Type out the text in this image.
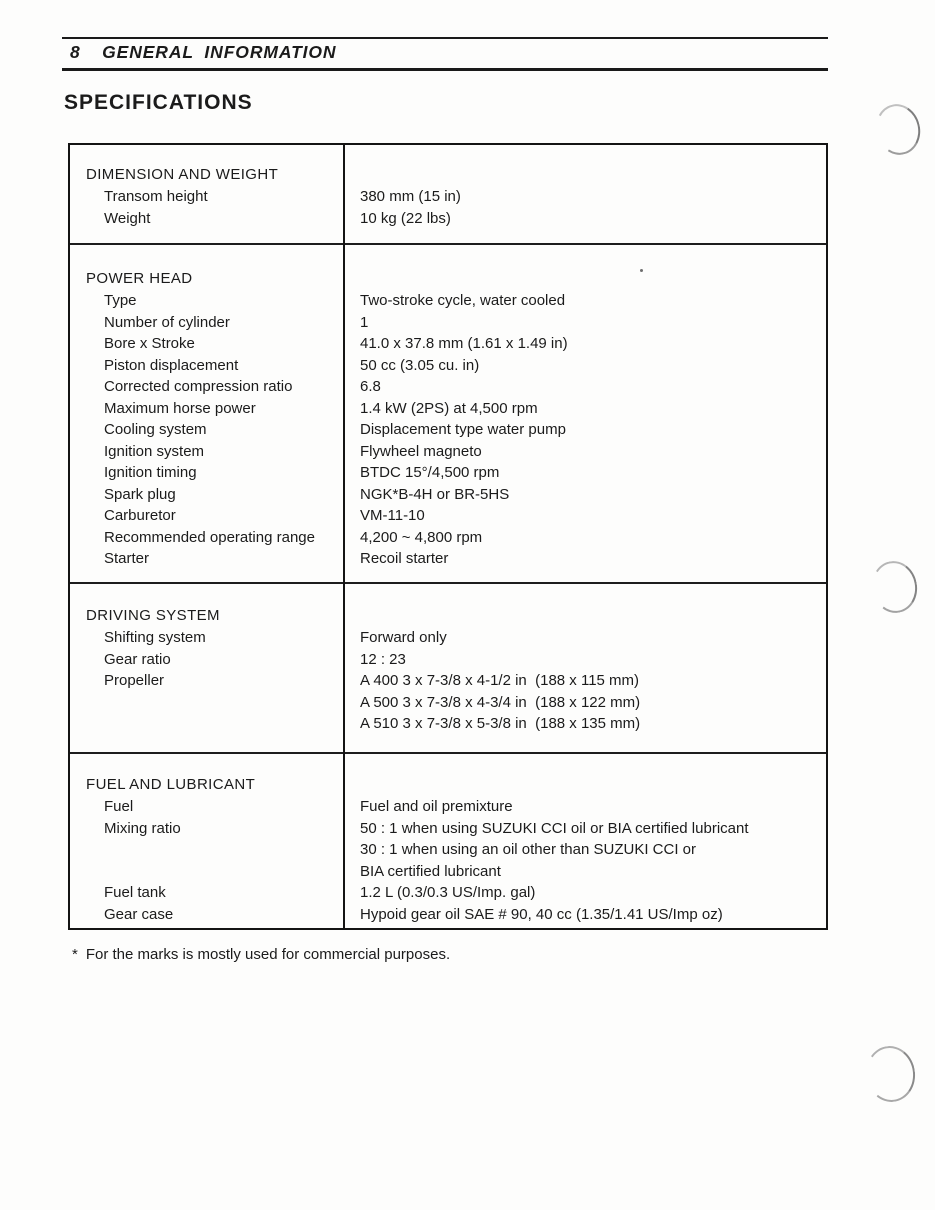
8 GENERAL INFORMATION
SPECIFICATIONS
DIMENSION AND WEIGHT
Transom height	380 mm (15 in)
Weight	10 kg (22 lbs)
POWER HEAD
Type	Two-stroke cycle, water cooled
Number of cylinder	1
Bore x Stroke	41.0 x 37.8 mm (1.61 x 1.49 in)
Piston displacement	50 cc (3.05 cu. in)
Corrected compression ratio	6.8
Maximum horse power	1.4 kW (2PS) at 4,500 rpm
Cooling system	Displacement type water pump
Ignition system	Flywheel magneto
Ignition timing	BTDC 15°/4,500 rpm
Spark plug	NGK*B-4H or BR-5HS
Carburetor	VM-11-10
Recommended operating range	4,200 ~ 4,800 rpm
Starter	Recoil starter
DRIVING SYSTEM
Shifting system	Forward only
Gear ratio	12 : 23
Propeller	A 400 3 x 7-3/8 x 4-1/2 in  (188 x 115 mm)
A 500 3 x 7-3/8 x 4-3/4 in  (188 x 122 mm)
A 510 3 x 7-3/8 x 5-3/8 in  (188 x 135 mm)
FUEL AND LUBRICANT
Fuel	Fuel and oil premixture
Mixing ratio	50 : 1 when using SUZUKI CCI oil or BIA certified lubricant
30 : 1 when using an oil other than SUZUKI CCI or
BIA certified lubricant
Fuel tank	1.2 L (0.3/0.3 US/Imp. gal)
Gear case	Hypoid gear oil SAE # 90, 40 cc (1.35/1.41 US/Imp oz)
* For the marks is mostly used for commercial purposes.
